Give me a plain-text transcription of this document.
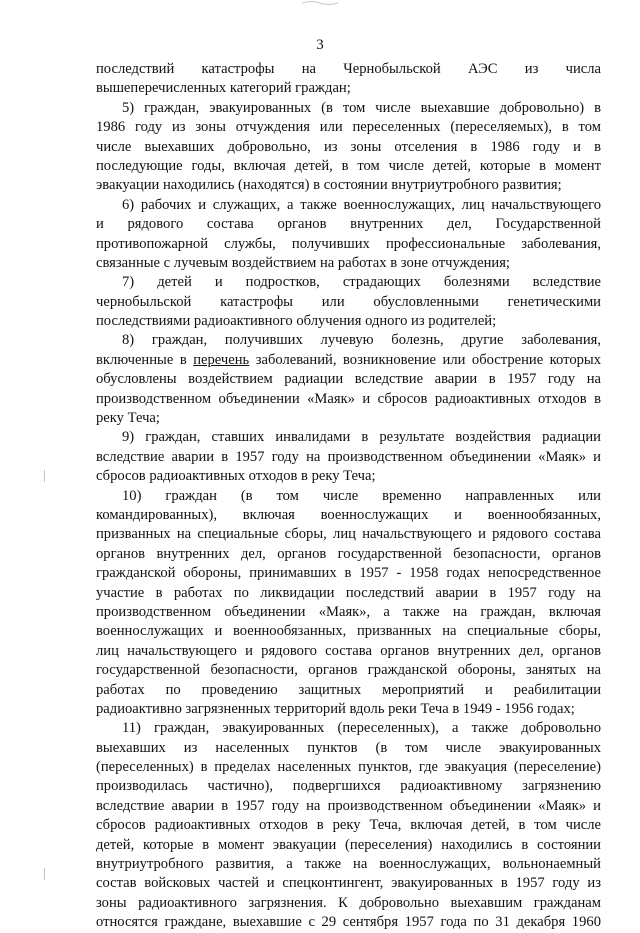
3
последствий катастрофы на Чернобыльской АЭС из числа
вышеперечисленных категорий граждан;
5) граждан, эвакуированных (в том числе выехавшие добровольно) в
1986 году из зоны отчуждения или переселенных (переселяемых), в том
числе выехавших добровольно, из зоны отселения в 1986 году и в
последующие годы, включая детей, в том числе детей, которые в момент
эвакуации находились (находятся) в состоянии внутриутробного развития;
6) рабочих и служащих, а также военнослужащих, лиц начальствующего
и рядового состава органов внутренних дел, Государственной
противопожарной службы, получивших профессиональные заболевания,
связанные с лучевым воздействием на работах в зоне отчуждения;
7) детей и подростков, страдающих болезнями вследствие
чернобыльской катастрофы или обусловленными генетическими
последствиями радиоактивного облучения одного из родителей;
8) граждан, получивших лучевую болезнь, другие заболевания,
включенные в перечень заболеваний, возникновение или обострение которых
обусловлены воздействием радиации вследствие аварии в 1957 году на
производственном объединении «Маяк» и сбросов радиоактивных отходов в
реку Теча;
9) граждан, ставших инвалидами в результате воздействия радиации
вследствие аварии в 1957 году на производственном объединении «Маяк» и
сбросов радиоактивных отходов в реку Теча;
10) граждан (в том числе временно направленных или
командированных), включая военнослужащих и военнообязанных,
призванных на специальные сборы, лиц начальствующего и рядового состава
органов внутренних дел, органов государственной безопасности, органов
гражданской обороны, принимавших в 1957 - 1958 годах непосредственное
участие в работах по ликвидации последствий аварии в 1957 году на
производственном объединении «Маяк», а также на граждан, включая
военнослужащих и военнообязанных, призванных на специальные сборы,
лиц начальствующего и рядового состава органов внутренних дел, органов
государственной безопасности, органов гражданской обороны, занятых на
работах по проведению защитных мероприятий и реабилитации
радиоактивно загрязненных территорий вдоль реки Теча в 1949 - 1956 годах;
11) граждан, эвакуированных (переселенных), а также добровольно
выехавших из населенных пунктов (в том числе эвакуированных
(переселенных) в пределах населенных пунктов, где эвакуация (переселение)
производилась частично), подвергшихся радиоактивному загрязнению
вследствие аварии в 1957 году на производственном объединении «Маяк» и
сбросов радиоактивных отходов в реку Теча, включая детей, в том числе
детей, которые в момент эвакуации (переселения) находились в состоянии
внутриутробного развития, а также на военнослужащих, вольнонаемный
состав войсковых частей и спецконтингент, эвакуированных в 1957 году из
зоны радиоактивного загрязнения. К добровольно выехавшим гражданам
относятся граждане, выехавшие с 29 сентября 1957 года по 31 декабря 1960
